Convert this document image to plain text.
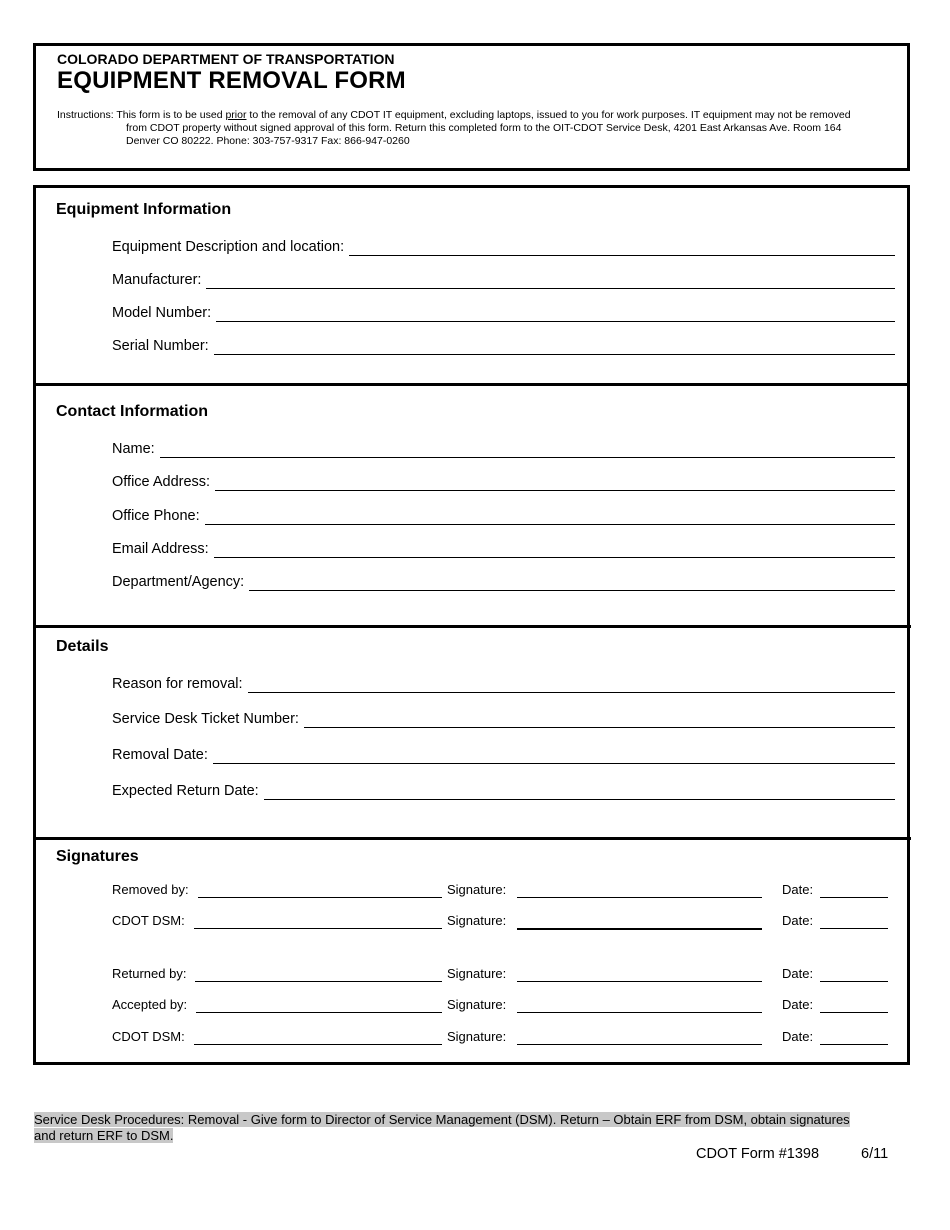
COLORADO DEPARTMENT OF TRANSPORTATION
EQUIPMENT REMOVAL FORM
Instructions: This form is to be used prior to the removal of any CDOT IT equipment, excluding laptops, issued to you for work purposes. IT equipment may not be removed
from CDOT property without signed approval of this form. Return this completed form to the OIT-CDOT Service Desk, 4201 East Arkansas Ave. Room 164
Denver CO 80222. Phone: 303-757-9317 Fax: 866-947-0260
Equipment Information
Equipment Description and location:
Manufacturer:
Model Number:
Serial Number:
Contact Information
Name:
Office Address:
Office Phone:
Email Address:
Department/Agency:
Details
Reason for removal:
Service Desk Ticket Number:
Removal Date:
Expected Return Date:
Signatures
Removed by:	Signature:	Date:
CDOT DSM:	Signature:	Date:
Returned by:	Signature:	Date:
Accepted by:	Signature:	Date:
CDOT DSM:	Signature:	Date:
Service Desk Procedures: Removal - Give form to Director of Service Management (DSM). Return – Obtain ERF from DSM, obtain signatures and return ERF to DSM.
CDOT Form #1398	6/11
